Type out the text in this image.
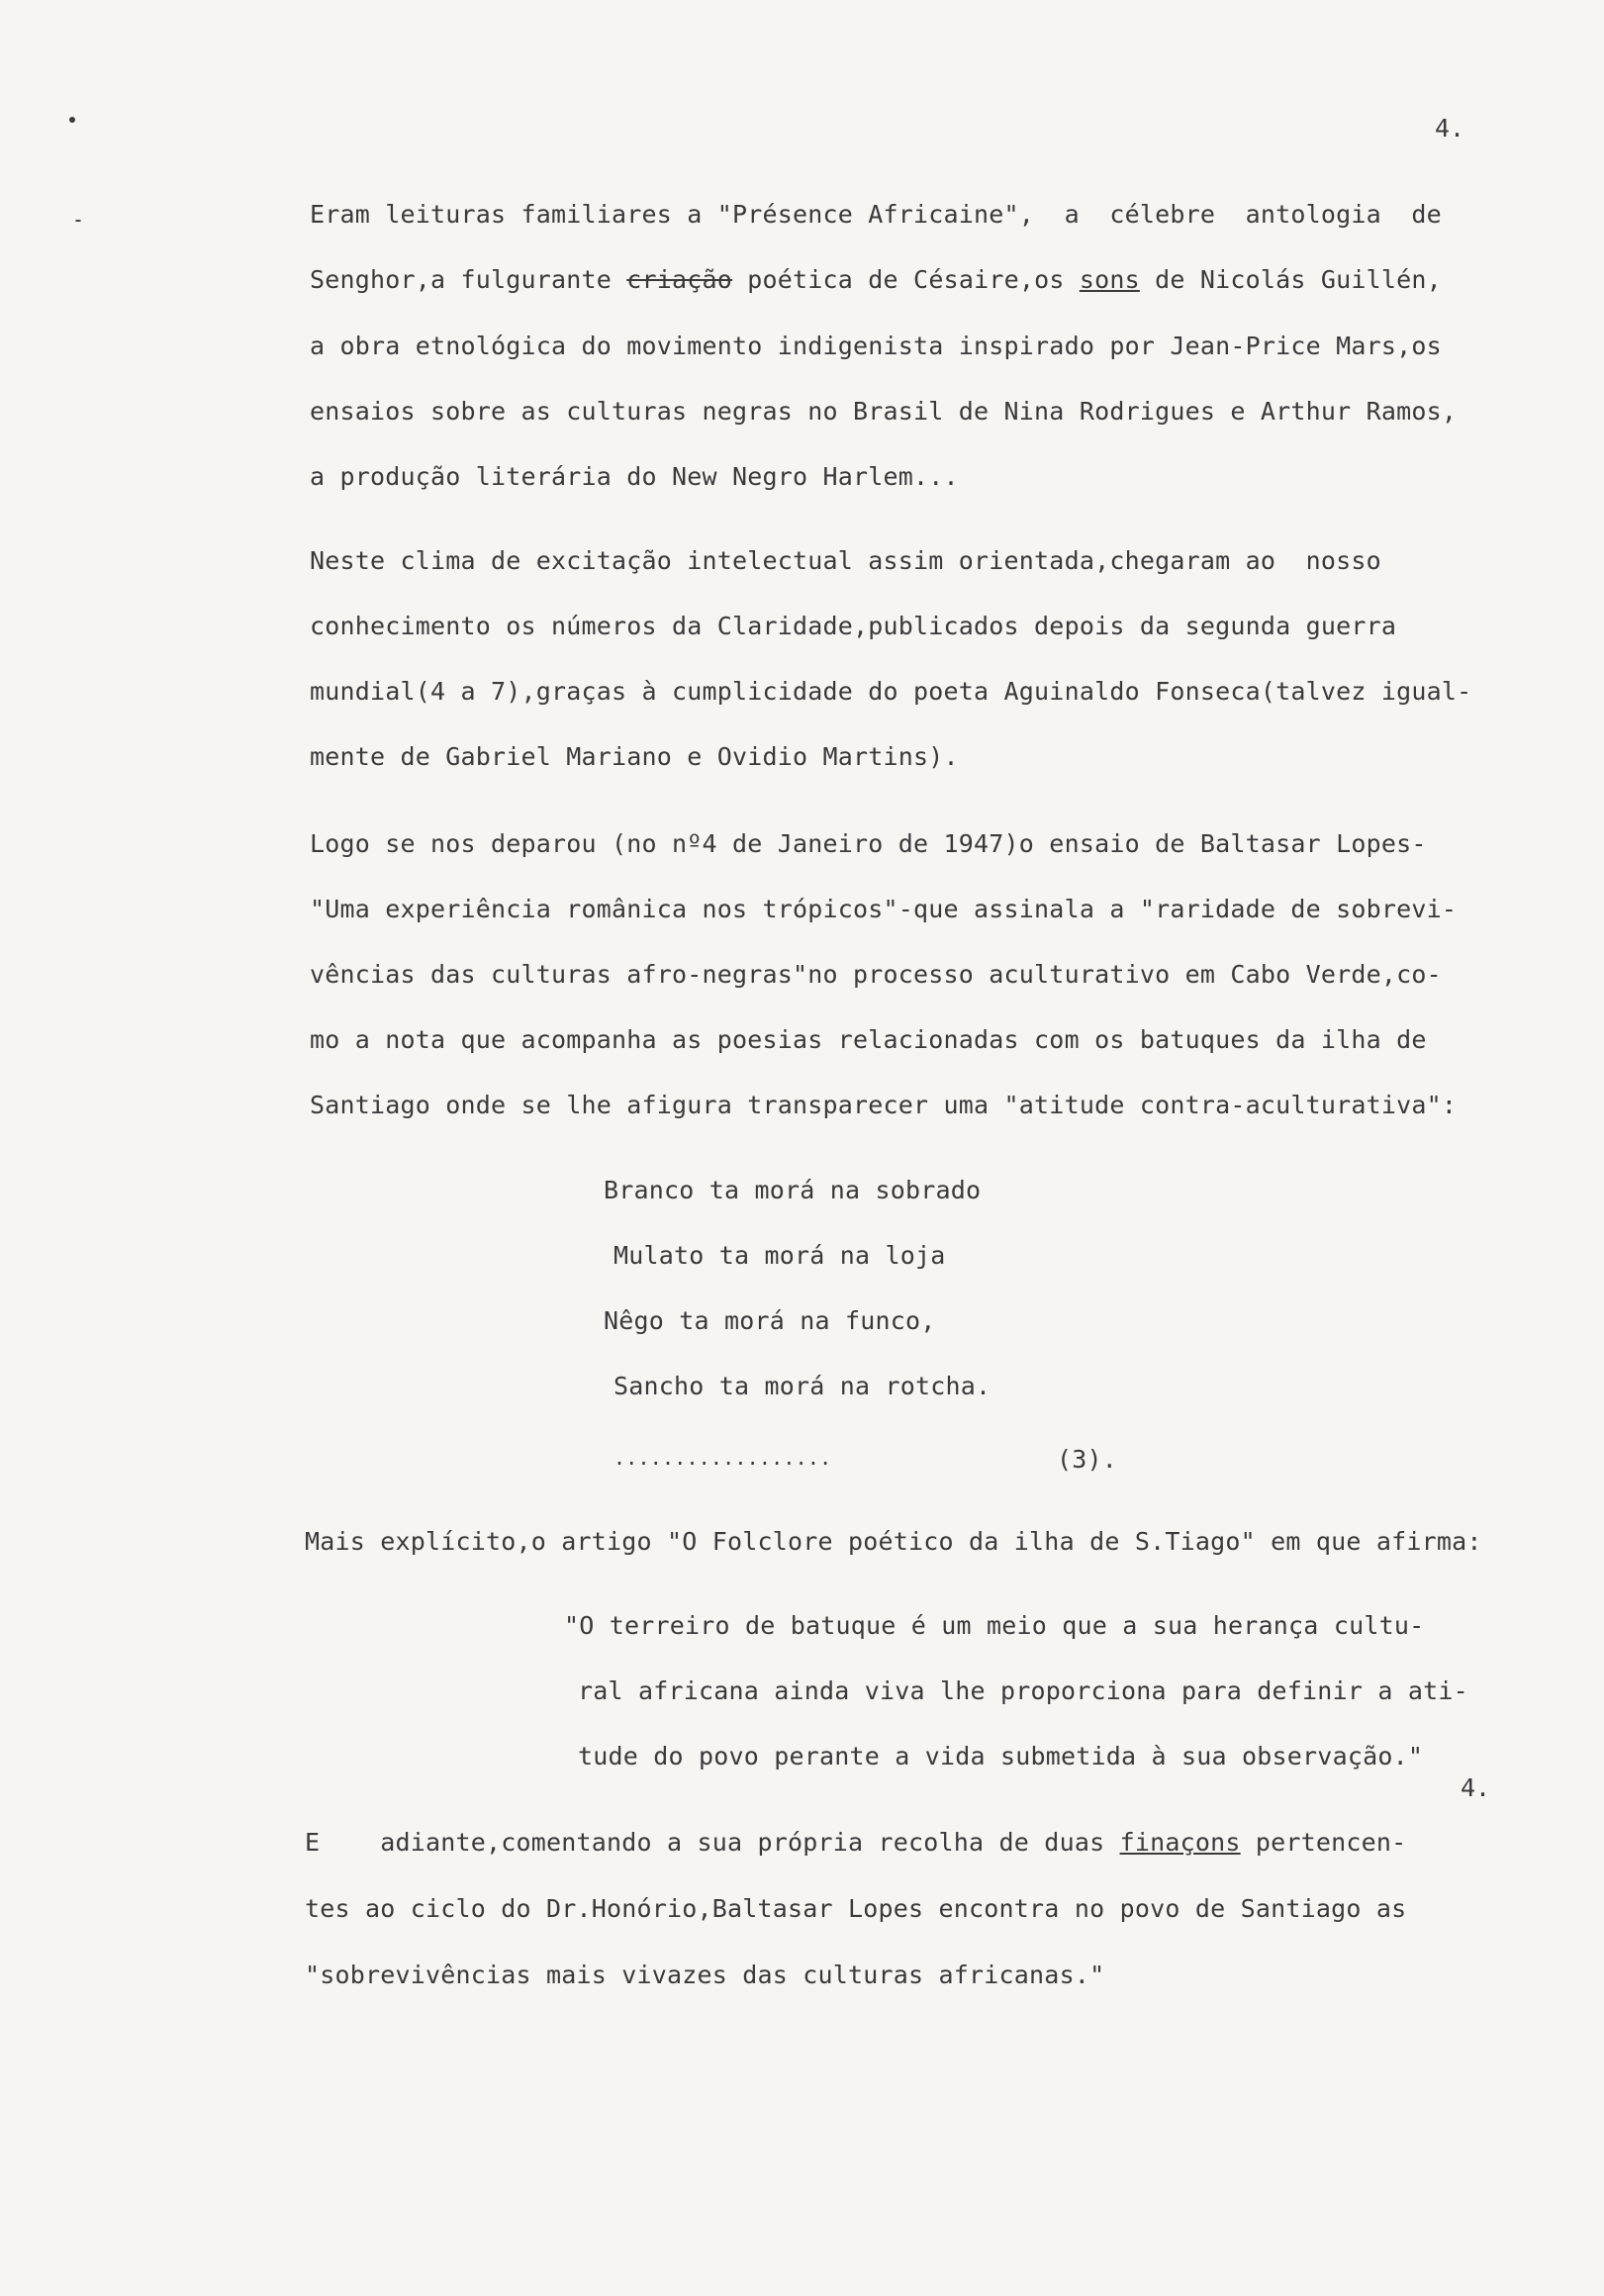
4.
Eram leituras familiares a "Présence Africaine",  a  célebre  antologia  de
Senghor,a fulgurante criação poética de Césaire,os sons de Nicolás Guillén,
a obra etnológica do movimento indigenista inspirado por Jean-Price Mars,os
ensaios sobre as culturas negras no Brasil de Nina Rodrigues e Arthur Ramos,
a produção literária do New Negro Harlem...
Neste clima de excitação intelectual assim orientada,chegaram ao  nosso
conhecimento os números da Claridade,publicados depois da segunda guerra
mundial(4 a 7),graças à cumplicidade do poeta Aguinaldo Fonseca(talvez igual-
mente de Gabriel Mariano e Ovidio Martins).
Logo se nos deparou (no nº4 de Janeiro de 1947)o ensaio de Baltasar Lopes-
"Uma experiência românica nos trópicos"-que assinala a "raridade de sobrevi-
vências das culturas afro-negras"no processo aculturativo em Cabo Verde,co-
mo a nota que acompanha as poesias relacionadas com os batuques da ilha de
Santiago onde se lhe afigura transparecer uma "atitude contra-aculturativa":
Branco ta morá na sobrado
Mulato ta morá na loja
Nêgo ta morá na funco,
Sancho ta morá na rotcha.
..................	(3).
Mais explícito,o artigo "O Folclore poético da ilha de S.Tiago" em que afirma:
"O terreiro de batuque é um meio que a sua herança cultu-
ral africana ainda viva lhe proporciona para definir a ati-
tude do povo perante a vida submetida à sua observação."
4.
E    adiante,comentando a sua própria recolha de duas finaçons pertencen-
tes ao ciclo do Dr.Honório,Baltasar Lopes encontra no povo de Santiago as
"sobrevivências mais vivazes das culturas africanas."
